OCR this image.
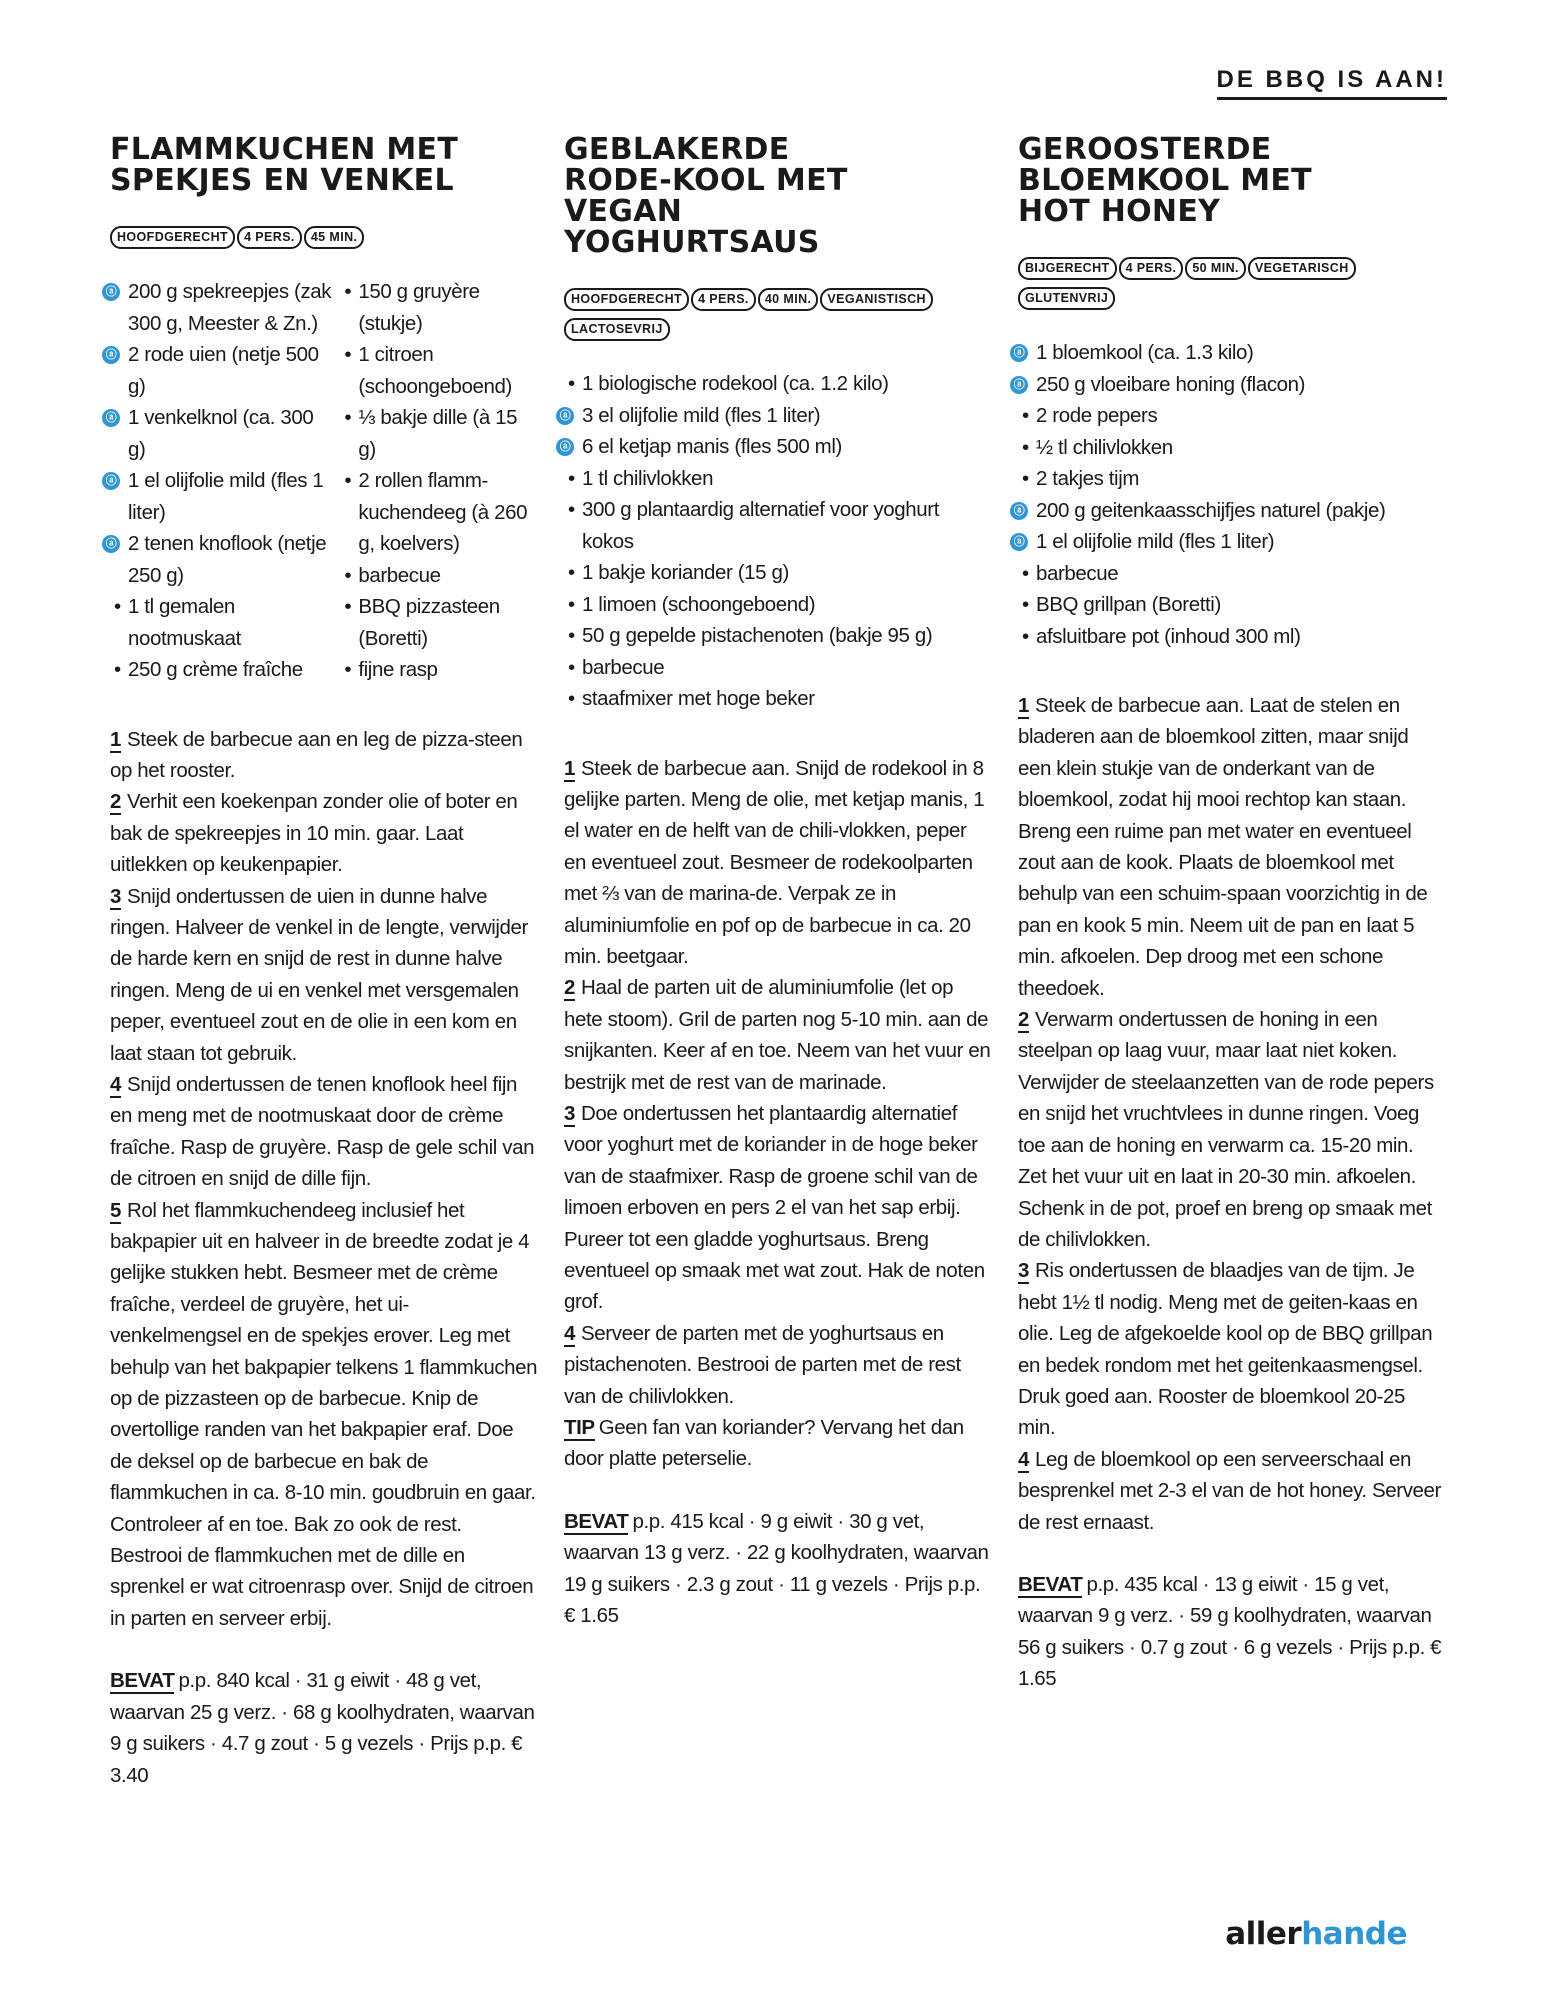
DE BBQ IS AAN!
FLAMMKUCHEN MET SPEKJES EN VENKEL
HOOFDGERECHT 4 PERS. 45 MIN.
ⓐ 200 g spekreepjes (zak 300 g, Meester & Zn.)
ⓐ 2 rode uien (netje 500 g)
ⓐ 1 venkelknol (ca. 300 g)
ⓐ 1 el olijfolie mild (fles 1 liter)
ⓐ 2 tenen knoflook (netje 250 g)
• 1 tl gemalen nootmuskaat
• 250 g crème fraîche
• 150 g gruyère (stukje)
• 1 citroen (schoongeboend)
• ⅓ bakje dille (à 15 g)
• 2 rollen flamm-kuchendeeg (à 260 g, koelvers)
• barbecue
• BBQ pizzasteen (Boretti)
• fijne rasp
1 Steek de barbecue aan en leg de pizza-steen op het rooster.
2 Verhit een koekenpan zonder olie of boter en bak de spekreepjes in 10 min. gaar. Laat uitlekken op keukenpapier.
3 Snijd ondertussen de uien in dunne halve ringen. Halveer de venkel in de lengte, verwijder de harde kern en snijd de rest in dunne halve ringen. Meng de ui en venkel met versgemalen peper, eventueel zout en de olie in een kom en laat staan tot gebruik.
4 Snijd ondertussen de tenen knoflook heel fijn en meng met de nootmuskaat door de crème fraîche. Rasp de gruyère. Rasp de gele schil van de citroen en snijd de dille fijn.
5 Rol het flammkuchendeeg inclusief het bakpapier uit en halveer in de breedte zodat je 4 gelijke stukken hebt. Besmeer met de crème fraîche, verdeel de gruyère, het ui-venkelmengsel en de spekjes erover. Leg met behulp van het bakpapier telkens 1 flammkuchen op de pizzasteen op de barbecue. Knip de overtollige randen van het bakpapier eraf. Doe de deksel op de barbecue en bak de flammkuchen in ca. 8-10 min. goudbruin en gaar. Controleer af en toe. Bak zo ook de rest. Bestrooi de flammkuchen met de dille en sprenkel er wat citroenrasp over. Snijd de citroen in parten en serveer erbij.
BEVAT p.p. 840 kcal · 31 g eiwit · 48 g vet, waarvan 25 g verz. · 68 g koolhydraten, waarvan 9 g suikers · 4.7 g zout · 5 g vezels · Prijs p.p. € 3.40
GEBLAKERDE RODE-KOOL MET VEGAN YOGHURTSAUS
HOOFDGERECHT 4 PERS. 40 MIN. VEGANISTISCHLACTOSEVRIJ
• 1 biologische rodekool (ca. 1.2 kilo)
ⓐ 3 el olijfolie mild (fles 1 liter)
ⓐ 6 el ketjap manis (fles 500 ml)
• 1 tl chilivlokken
• 300 g plantaardig alternatief voor yoghurt kokos
• 1 bakje koriander (15 g)
• 1 limoen (schoongeboend)
• 50 g gepelde pistachenoten (bakje 95 g)
• barbecue
• staafmixer met hoge beker
1 Steek de barbecue aan. Snijd de rodekool in 8 gelijke parten. Meng de olie, met ketjap manis, 1 el water en de helft van de chili-vlokken, peper en eventueel zout. Besmeer de rodekoolparten met ⅔ van de marina-de. Verpak ze in aluminiumfolie en pof op de barbecue in ca. 20 min. beetgaar.
2 Haal de parten uit de aluminiumfolie (let op hete stoom). Gril de parten nog 5-10 min. aan de snijkanten. Keer af en toe. Neem van het vuur en bestrijk met de rest van de marinade.
3 Doe ondertussen het plantaardig alternatief voor yoghurt met de koriander in de hoge beker van de staafmixer. Rasp de groene schil van de limoen erboven en pers 2 el van het sap erbij. Pureer tot een gladde yoghurtsaus. Breng eventueel op smaak met wat zout. Hak de noten grof.
4 Serveer de parten met de yoghurtsaus en pistachenoten. Bestrooi de parten met de rest van de chilivlokken.
TIP Geen fan van koriander? Vervang het dan door platte peterselie.
BEVAT p.p. 415 kcal · 9 g eiwit · 30 g vet, waarvan 13 g verz. · 22 g koolhydraten, waarvan 19 g suikers · 2.3 g zout · 11 g vezels · Prijs p.p. € 1.65
GEROOSTERDE BLOEMKOOL MET HOT HONEY
BIJGERECHT 4 PERS. 50 MIN. VEGETARISCHGLUTENVRIJ
ⓐ 1 bloemkool (ca. 1.3 kilo)
ⓐ 250 g vloeibare honing (flacon)
• 2 rode pepers
• ½ tl chilivlokken
• 2 takjes tijm
ⓐ 200 g geitenkaasschijfjes naturel (pakje)
ⓐ 1 el olijfolie mild (fles 1 liter)
• barbecue
• BBQ grillpan (Boretti)
• afsluitbare pot (inhoud 300 ml)
1 Steek de barbecue aan. Laat de stelen en bladeren aan de bloemkool zitten, maar snijd een klein stukje van de onderkant van de bloemkool, zodat hij mooi rechtop kan staan. Breng een ruime pan met water en eventueel zout aan de kook. Plaats de bloemkool met behulp van een schuim-spaan voorzichtig in de pan en kook 5 min. Neem uit de pan en laat 5 min. afkoelen. Dep droog met een schone theedoek.
2 Verwarm ondertussen de honing in een steelpan op laag vuur, maar laat niet koken. Verwijder de steelaanzetten van de rode pepers en snijd het vruchtvlees in dunne ringen. Voeg toe aan de honing en verwarm ca. 15-20 min. Zet het vuur uit en laat in 20-30 min. afkoelen. Schenk in de pot, proef en breng op smaak met de chilivlokken.
3 Ris ondertussen de blaadjes van de tijm. Je hebt 1½ tl nodig. Meng met de geiten-kaas en olie. Leg de afgekoelde kool op de BBQ grillpan en bedek rondom met het geitenkaasmengsel. Druk goed aan. Rooster de bloemkool 20-25 min.
4 Leg de bloemkool op een serveerschaal en besprenkel met 2-3 el van de hot honey. Serveer de rest ernaast.
BEVAT p.p. 435 kcal · 13 g eiwit · 15 g vet, waarvan 9 g verz. · 59 g koolhydraten, waarvan 56 g suikers · 0.7 g zout · 6 g vezels · Prijs p.p. € 1.65
allerhande
